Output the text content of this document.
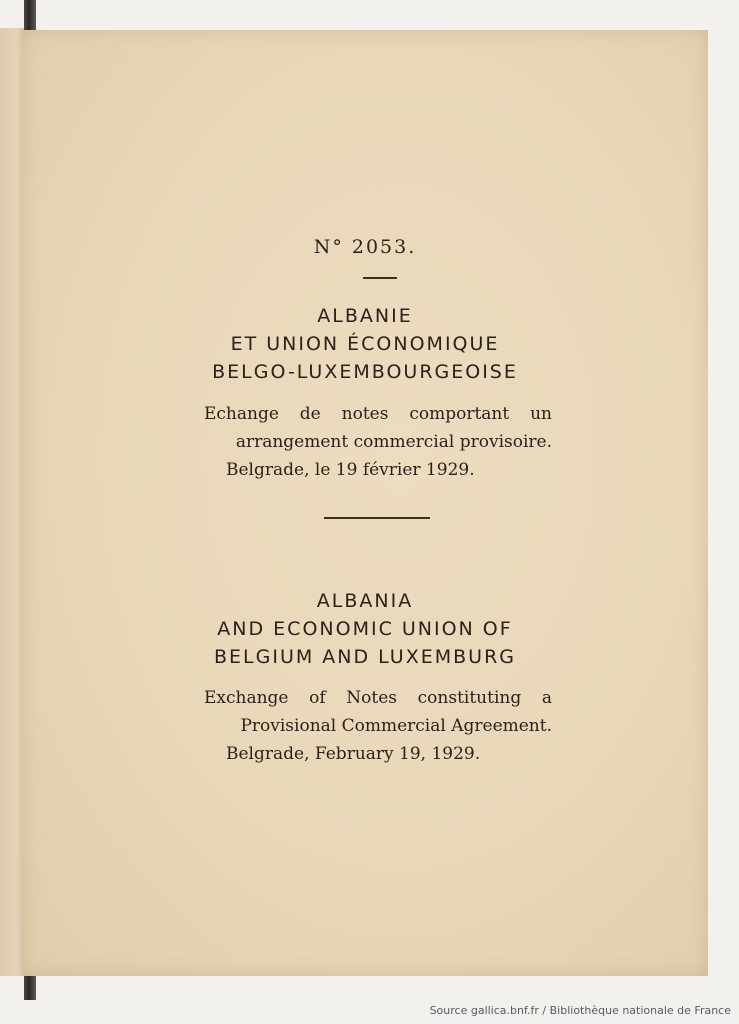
N° 2053.
ALBANIE
ET UNION ÉCONOMIQUE
BELGO-LUXEMBOURGEOISE
Echange de notes comportant un
arrangement commercial provisoire.
Belgrade, le 19 février 1929.
ALBANIA
AND ECONOMIC UNION OF
BELGIUM AND LUXEMBURG
Exchange of Notes constituting a
Provisional Commercial Agreement.
Belgrade, February 19, 1929.
Source gallica.bnf.fr / Bibliothèque nationale de France
